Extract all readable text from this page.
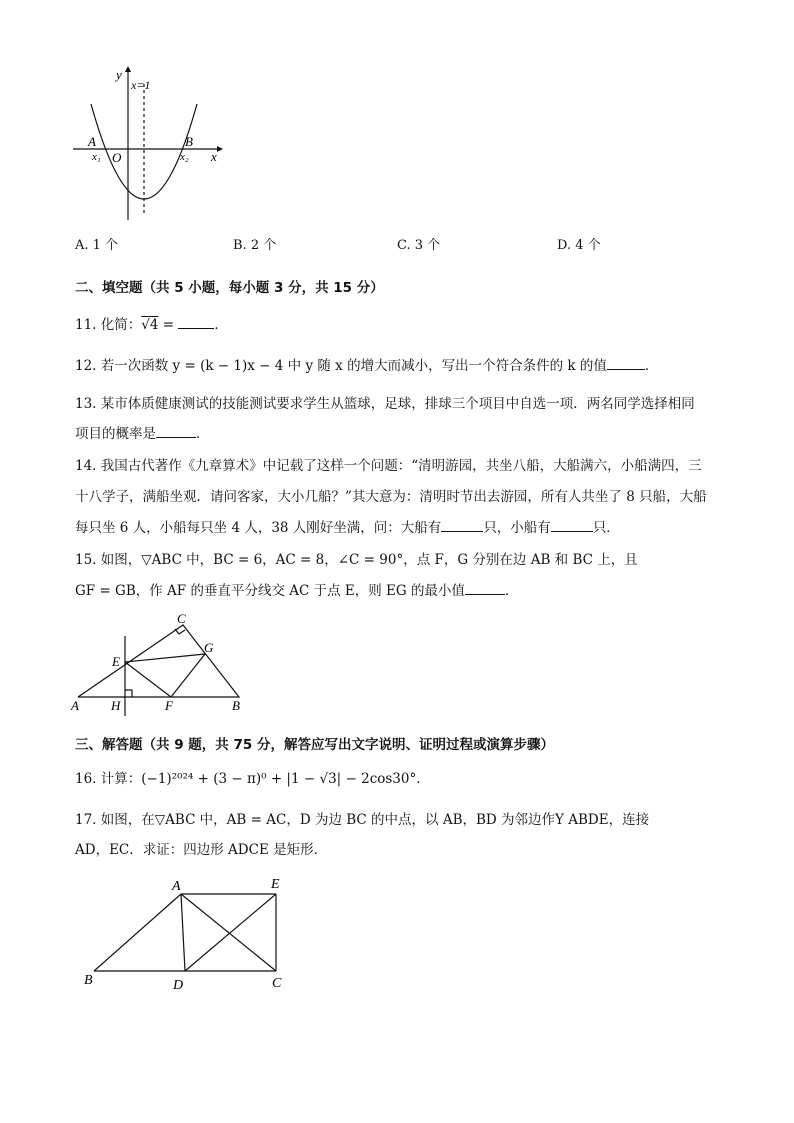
y
x
x=1
A	B
O
x₁	x₂
A. 1 个	B. 2 个	C. 3 个	D. 4 个
二、填空题（共 5 小题，每小题 3 分，共 15 分）
11. 化简：√4 =	．
12. 若一次函数 y = (k − 1)x − 4 中 y 随 x 的增大而减小，写出一个符合条件的 k 的值	．
13. 某市体质健康测试的技能测试要求学生从篮球，足球，排球三个项目中自选一项．两名同学选择相同
项目的概率是	．
14. 我国古代著作《九章算术》中记载了这样一个问题：“清明游园，共坐八船，大船满六，小船满四，三
十八学子，满船坐观．请问客家，大小几船？”其大意为：清明时节出去游园，所有人共坐了 8 只船，大船
每只坐 6 人，小船每只坐 4 人，38 人刚好坐满，问：大船有	只，小船有	只．
15. 如图，▽ABC 中，BC = 6，AC = 8，∠C = 90°，点 F，G 分别在边 AB 和 BC 上，且
GF = GB，作 AF 的垂直平分线交 AC 于点 E，则 EG 的最小值	．
A	B
C
E
F
G
H
三、解答题（共 9 题，共 75 分，解答应写出文字说明、证明过程或演算步骤）
16. 计算：(−1)²⁰²⁴ + (3 − π)⁰ + |1 − √3| − 2cos30°．
17. 如图，在▽ABC 中，AB = AC，D 为边 BC 的中点，以 AB，BD 为邻边作Y ABDE，连接
AD，EC．求证：四边形 ADCE 是矩形．
A
B	C
D
E
